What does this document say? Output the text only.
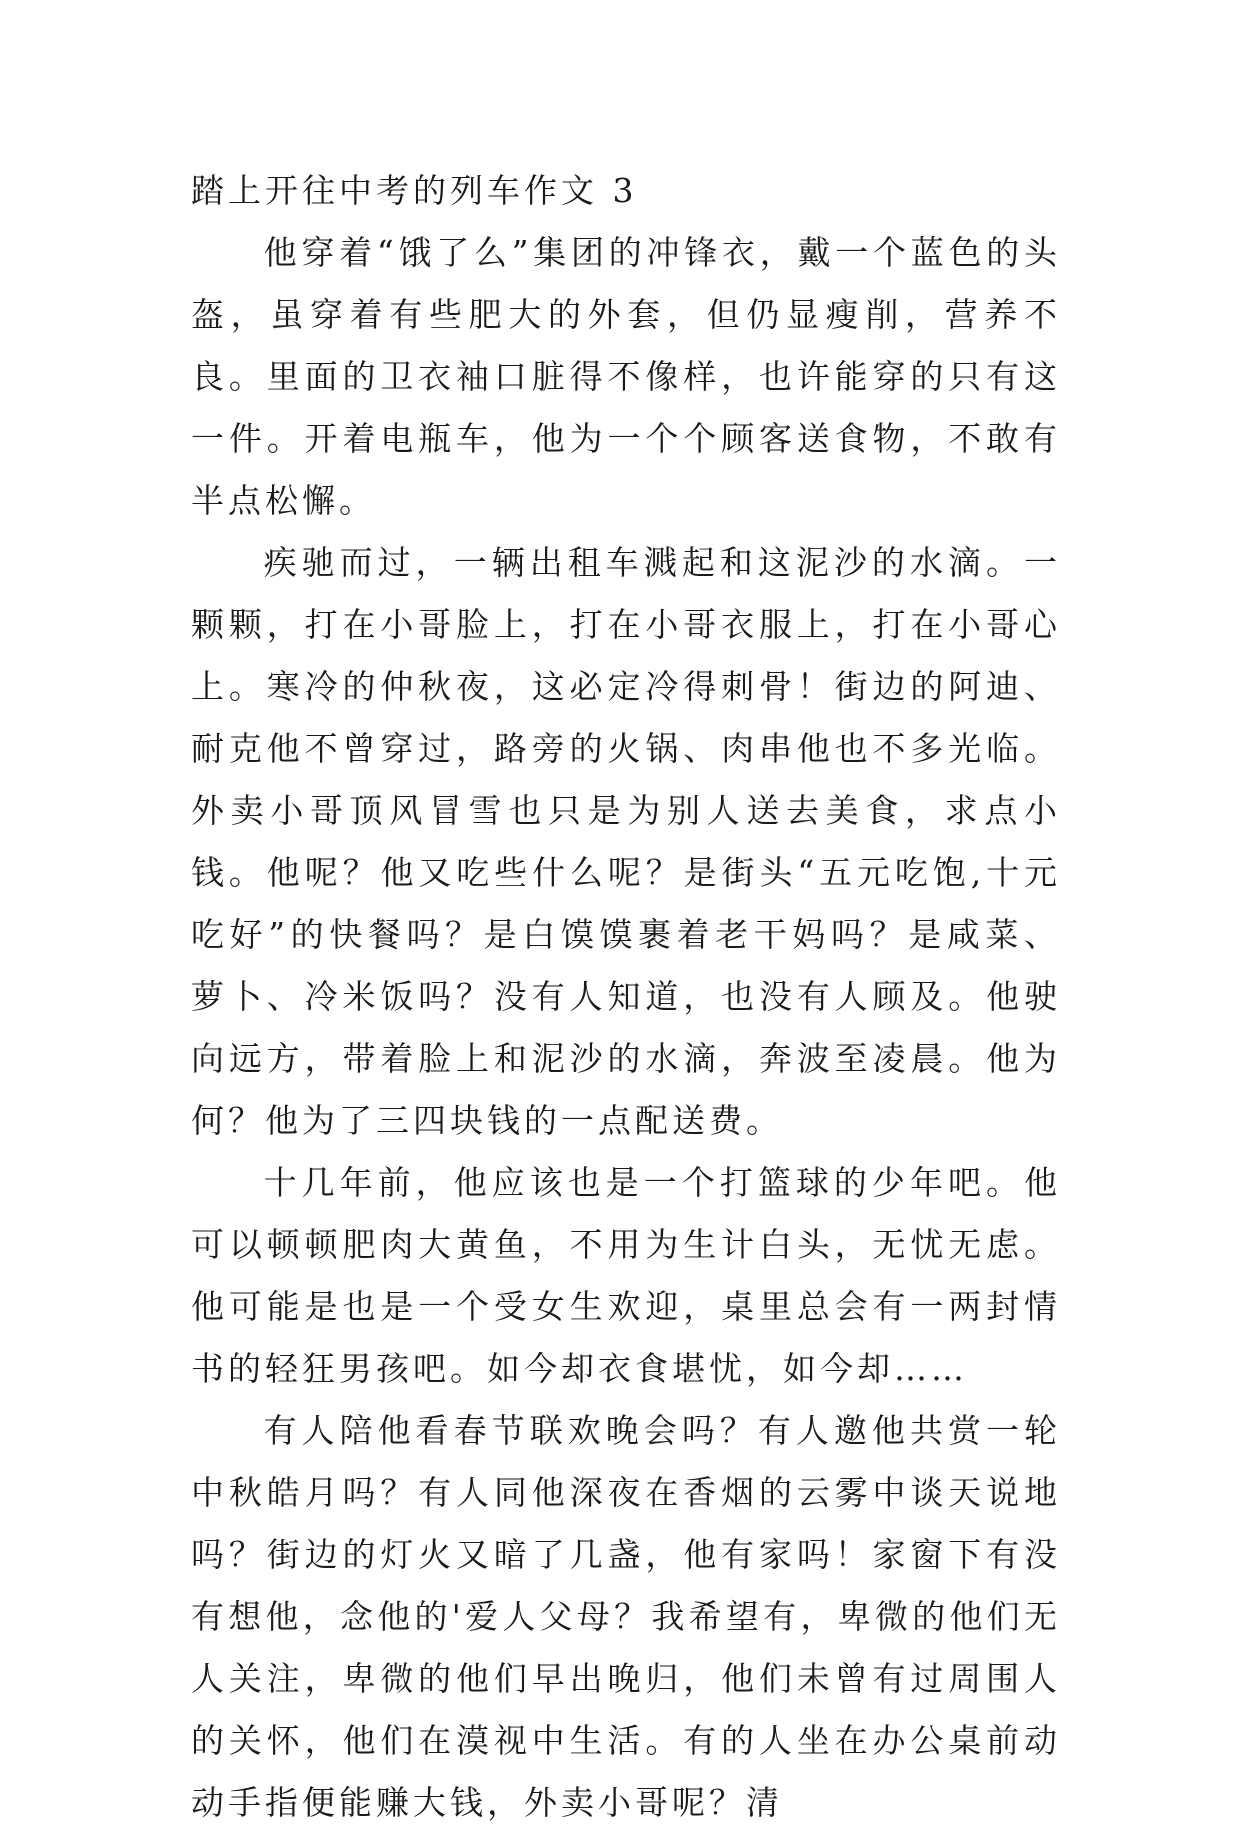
踏上开往中考的列车作文 3

他穿着“饿了么”集团的冲锋衣，戴一个蓝色的头盔，虽穿着有些肥大的外套，但仍显瘦削，营养不良。里面的卫衣袖口脏得不像样，也许能穿的只有这一件。开着电瓶车，他为一个个顾客送食物，不敢有半点松懈。

疾驰而过，一辆出租车溅起和这泥沙的水滴。一颗颗，打在小哥脸上，打在小哥衣服上，打在小哥心上。寒冷的仲秋夜，这必定冷得刺骨！街边的阿迪、耐克他不曾穿过，路旁的火锅、肉串他也不多光临。外卖小哥顶风冒雪也只是为别人送去美食，求点小钱。他呢？他又吃些什么呢？是街头“五元吃饱,十元吃好”的快餐吗？是白馍馍裹着老干妈吗？是咸菜、萝卜、冷米饭吗？没有人知道，也没有人顾及。他驶向远方，带着脸上和泥沙的水滴，奔波至凌晨。他为何？他为了三四块钱的一点配送费。

十几年前，他应该也是一个打篮球的少年吧。他可以顿顿肥肉大黄鱼，不用为生计白头，无忧无虑。他可能是也是一个受女生欢迎，桌里总会有一两封情书的轻狂男孩吧。如今却衣食堪忧，如今却……

有人陪他看春节联欢晚会吗？有人邀他共赏一轮中秋皓月吗？有人同他深夜在香烟的云雾中谈天说地吗？街边的灯火又暗了几盏，他有家吗！家窗下有没有想他，念他的'爱人父母？我希望有，卑微的他们无人关注，卑微的他们早出晚归，他们未曾有过周围人的关怀，他们在漠视中生活。有的人坐在办公桌前动动手指便能赚大钱，外卖小哥呢？清
